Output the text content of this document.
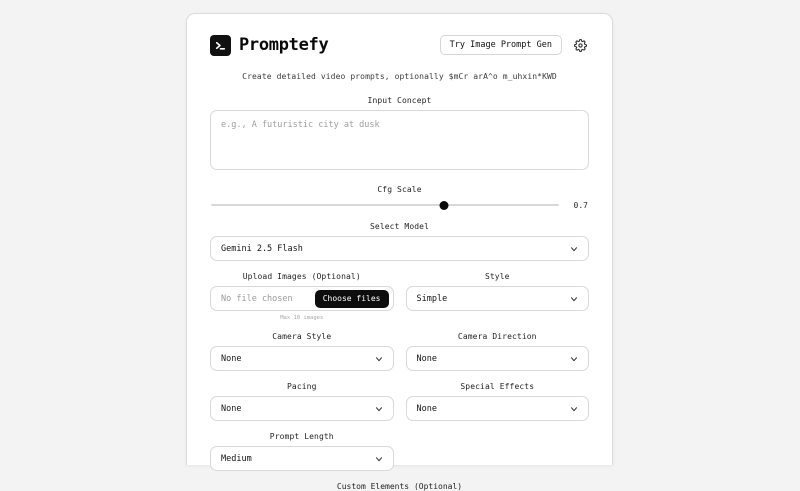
Promptefy	Try Image Prompt Gen
Create detailed video prompts, optionally $mCr arA^o m_uhxin*KWD
Input Concept
e.g., A futuristic city at dusk
Cfg Scale
0.7
Select Model
Gemini 2.5 Flash
Upload Images (Optional)
No file chosen	Choose files
Max 10 images
Style
Simple
Camera Style
None
Camera Direction
None
Pacing
None
Special Effects
None
Prompt Length
Medium
Custom Elements (Optional)
